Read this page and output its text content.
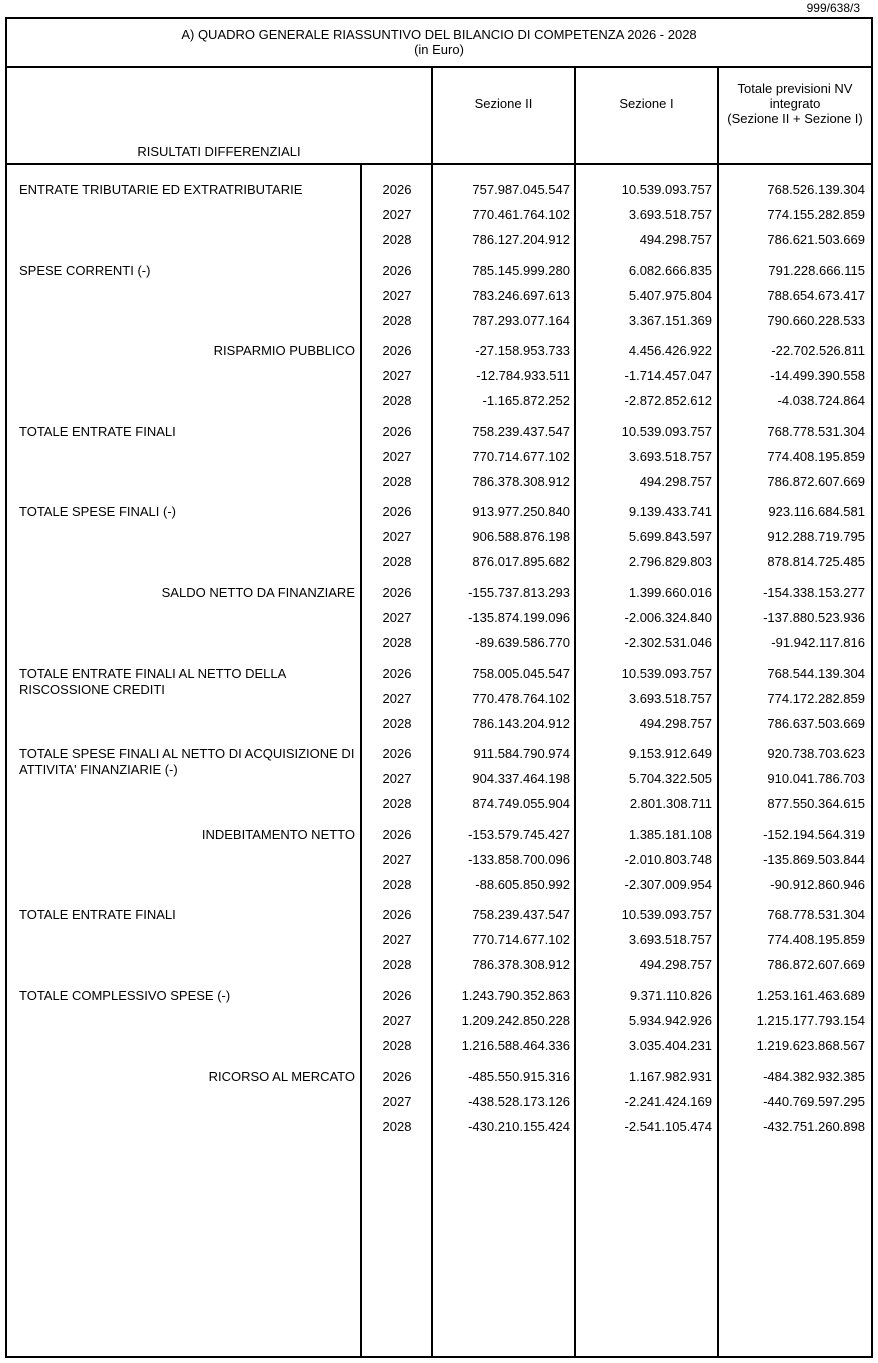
999/638/3
A) QUADRO GENERALE RIASSUNTIVO DEL BILANCIO DI COMPETENZA 2026 - 2028
(in Euro)
RISULTATI DIFFERENZIALI
Sezione II	Sezione I
Totale previsioni NV
integrato
(Sezione II + Sezione I)
ENTRATE TRIBUTARIE ED EXTRATRIBUTARIE	2026	757.987.045.547	10.539.093.757	768.526.139.304
2027	770.461.764.102	3.693.518.757	774.155.282.859
2028	786.127.204.912	494.298.757	786.621.503.669
SPESE CORRENTI (-)	2026	785.145.999.280	6.082.666.835	791.228.666.115
2027	783.246.697.613	5.407.975.804	788.654.673.417
2028	787.293.077.164	3.367.151.369	790.660.228.533
RISPARMIO PUBBLICO	2026	-27.158.953.733	4.456.426.922	-22.702.526.811
2027	-12.784.933.511	-1.714.457.047	-14.499.390.558
2028	-1.165.872.252	-2.872.852.612	-4.038.724.864
TOTALE ENTRATE FINALI	2026	758.239.437.547	10.539.093.757	768.778.531.304
2027	770.714.677.102	3.693.518.757	774.408.195.859
2028	786.378.308.912	494.298.757	786.872.607.669
TOTALE SPESE FINALI (-)	2026	913.977.250.840	9.139.433.741	923.116.684.581
2027	906.588.876.198	5.699.843.597	912.288.719.795
2028	876.017.895.682	2.796.829.803	878.814.725.485
SALDO NETTO DA FINANZIARE	2026	-155.737.813.293	1.399.660.016	-154.338.153.277
2027	-135.874.199.096	-2.006.324.840	-137.880.523.936
2028	-89.639.586.770	-2.302.531.046	-91.942.117.816
TOTALE ENTRATE FINALI AL NETTO DELLA RISCOSSIONE CREDITI
2026	758.005.045.547	10.539.093.757	768.544.139.304
2027	770.478.764.102	3.693.518.757	774.172.282.859
2028	786.143.204.912	494.298.757	786.637.503.669
TOTALE SPESE FINALI AL NETTO DI ACQUISIZIONE DI ATTIVITA' FINANZIARIE (-)
2026	911.584.790.974	9.153.912.649	920.738.703.623
2027	904.337.464.198	5.704.322.505	910.041.786.703
2028	874.749.055.904	2.801.308.711	877.550.364.615
INDEBITAMENTO NETTO	2026	-153.579.745.427	1.385.181.108	-152.194.564.319
2027	-133.858.700.096	-2.010.803.748	-135.869.503.844
2028	-88.605.850.992	-2.307.009.954	-90.912.860.946
TOTALE ENTRATE FINALI	2026	758.239.437.547	10.539.093.757	768.778.531.304
2027	770.714.677.102	3.693.518.757	774.408.195.859
2028	786.378.308.912	494.298.757	786.872.607.669
TOTALE COMPLESSIVO SPESE (-)	2026	1.243.790.352.863	9.371.110.826	1.253.161.463.689
2027	1.209.242.850.228	5.934.942.926	1.215.177.793.154
2028	1.216.588.464.336	3.035.404.231	1.219.623.868.567
RICORSO AL MERCATO	2026	-485.550.915.316	1.167.982.931	-484.382.932.385
2027	-438.528.173.126	-2.241.424.169	-440.769.597.295
2028	-430.210.155.424	-2.541.105.474	-432.751.260.898
